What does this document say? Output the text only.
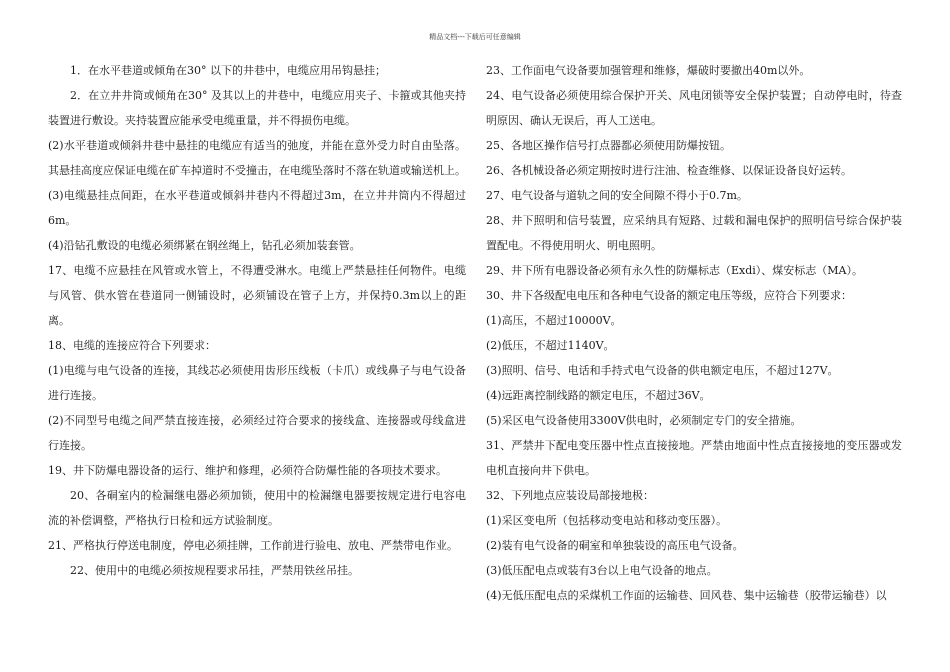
精品文档---下载后可任意编辑

1．在水平巷道或倾角在30° 以下的井巷中，电缆应用吊钩悬挂；

2．在立井井筒或倾角在30° 及其以上的井巷中，电缆应用夹子、卡箍或其他夹持装置进行敷设。夹持装置应能承受电缆重量，并不得损伤电缆。

(2)水平巷道或倾斜井巷中悬挂的电缆应有适当的弛度，并能在意外受力时自由坠落。其悬挂高度应保证电缆在矿车掉道时不受撞击，在电缆坠落时不落在轨道或输送机上。

(3)电缆悬挂点间距，在水平巷道或倾斜井巷内不得超过3m，在立井井筒内不得超过6m。

(4)沿钻孔敷设的电缆必须绑紧在钢丝绳上，钻孔必须加装套管。

17、电缆不应悬挂在风管或水管上，不得遭受淋水。电缆上严禁悬挂任何物件。电缆与风管、供水管在巷道同一侧铺设时，必须铺设在管子上方，并保持0.3m以上的距离。

18、电缆的连接应符合下列要求：

(1)电缆与电气设备的连接，其线芯必须使用齿形压线板（卡爪）或线鼻子与电气设备进行连接。

(2)不同型号电缆之间严禁直接连接，必须经过符合要求的接线盒、连接器或母线盒进行连接。

19、井下防爆电器设备的运行、维护和修理，必须符合防爆性能的各项技术要求。

20、各硐室内的检漏继电器必须加锁，使用中的检漏继电器要按规定进行电容电流的补偿调整，严格执行日检和远方试验制度。

21、严格执行停送电制度，停电必须挂牌，工作前进行验电、放电、严禁带电作业。

22、使用中的电缆必须按规程要求吊挂，严禁用铁丝吊挂。

23、工作面电气设备要加强管理和维修，爆破时要撤出40m以外。

24、电气设备必须使用综合保护开关、风电闭锁等安全保护装置；自动停电时，待查明原因、确认无误后，再人工送电。

25、各地区操作信号打点器都必须使用防爆按钮。

26、各机械设备必须定期按时进行注油、检查维修、以保证设备良好运转。

27、电气设备与道轨之间的安全间隙不得小于0.7m。

28、井下照明和信号装置，应采纳具有短路、过载和漏电保护的照明信号综合保护装置配电。不得使用明火、明电照明。

29、井下所有电器设备必须有永久性的防爆标志（Exdi）、煤安标志（MA）。

30、井下各级配电电压和各种电气设备的额定电压等级，应符合下列要求：

(1)高压，不超过10000V。

(2)低压，不超过1140V。

(3)照明、信号、电话和手持式电气设备的供电额定电压，不超过127V。

(4)远距离控制线路的额定电压，不超过36V。

(5)采区电气设备使用3300V供电时，必须制定专门的安全措施。

31、严禁井下配电变压器中性点直接接地。严禁由地面中性点直接接地的变压器或发电机直接向井下供电。

32、下列地点应装设局部接地极：

(1)采区变电所（包括移动变电站和移动变压器）。

(2)装有电气设备的硐室和单独装设的高压电气设备。

(3)低压配电点或装有3台以上电气设备的地点。

(4)无低压配电点的采煤机工作面的运输巷、回风巷、集中运输巷（胶带运输巷）以
